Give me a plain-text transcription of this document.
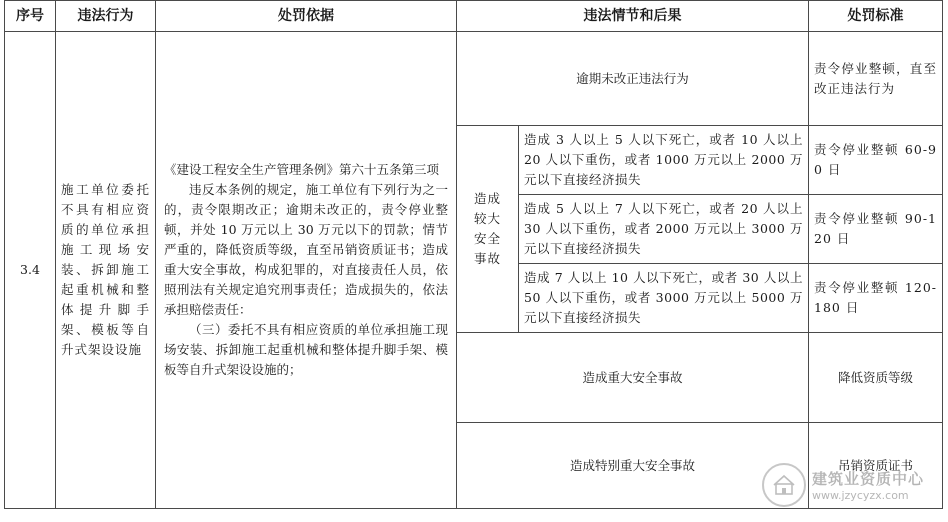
序号	违法行为	处罚依据	违法情节和后果		处罚标准
3.4	施工单位委托不具有相应资质的单位承担施工现场安装、拆卸施工起重机械和整体提升脚手架、模板等自升式架设设施	《建设工程安全生产管理条例》第六十五条第三项

违反本条例的规定，施工单位有下列行为之一的，责令限期改正；逾期未改正的，责令停业整顿，并处 10 万元以上 30 万元以下的罚款；情节严重的，降低资质等级，直至吊销资质证书；造成重大安全事故，构成犯罪的，对直接责任人员，依照刑法有关规定追究刑事责任；造成损失的，依法承担赔偿责任：

（三）委托不具有相应资质的单位承担施工现场安装、拆卸施工起重机械和整体提升脚手架、模板等自升式架设设施的；	逾期未改正违法行为		责令停业整顿，直至改正违法行为
			造成较大安全事故	造成 3 人以上 5 人以下死亡，或者 10 人以上 20 人以下重伤，或者 1000 万元以上 2000 万元以下直接经济损失	责令停业整顿 60-90 日
				造成 5 人以上 7 人以下死亡，或者 20 人以上 30 人以下重伤，或者 2000 万元以上 3000 万元以下直接经济损失	责令停业整顿 90-120 日
				造成 7 人以上 10 人以下死亡，或者 30 人以上 50 人以下重伤，或者 3000 万元以上 5000 万元以下直接经济损失	责令停业整顿 120-180 日
			造成重大安全事故		降低资质等级
			造成特别重大安全事故		吊销资质证书
建筑业资质中心
www.jzycyzx.com
